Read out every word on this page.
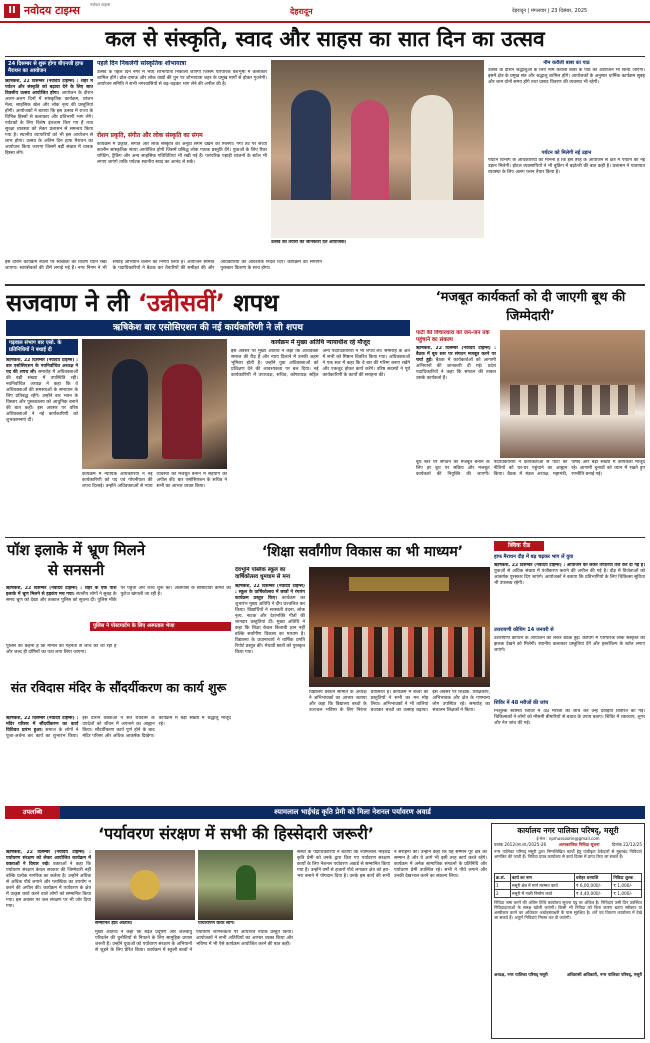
II नवोदय टाइम्स	नवोदय टाइम्स
देहरादून	देहरादून | मंगलवार | 23 दिसंबर, 2025
कल से संस्कृति, स्वाद और साहस का सात दिन का उत्सव
24 दिसम्बर से शुरू होगा बीएनजी हाफ मैराथन का आयोजन
ऋषिकेश, 22 दिसम्बर (नवोदय टाइम्स) : शहर में पर्यटन और संस्कृति को बढ़ावा देने के लिए सात दिवसीय उत्सव आयोजित होगा। आयोजन के दौरान अलग-अलग दिनों में सांस्कृतिक कार्यक्रम, व्यंजन मेला, साहसिक खेल और लोक नृत्य की प्रस्तुतियां होंगी। आयोजकों ने बताया कि इस उत्सव में राज्य के विभिन्न हिस्सों से कलाकार और प्रतिभागी भाग लेंगे। पर्यटकों के लिए विशेष इंतजाम किए गए हैं तथा सुरक्षा व्यवस्था को लेकर प्रशासन से समन्वय किया गया है। स्थानीय व्यापारियों को भी इस आयोजन से लाभ होगा। उत्सव के अंतिम दिन हाफ मैराथन का आयोजन किया जाएगा जिसमें बड़ी संख्या में धावक हिस्सा लेंगे।
पहले दिन निकलेगी सांस्कृतिक शोभायात्रा
उत्सव के पहले दिन नगर में भव्य शोभायात्रा निकाली जाएगी जिसमें पारंपरिक वेशभूषा में कलाकार शामिल होंगे। ढोल-दमाऊ और लोक वाद्यों की धुन पर शोभायात्रा शहर के प्रमुख मार्गों से होकर गुजरेगी। आयोजन समिति ने सभी नगरवासियों से बढ़-चढ़कर भाग लेने की अपील की है।
रोशन प्रकृति, संगीत और लोक संस्कृति का संगम
कार्यक्रम में प्रकृति, संगीत और लोक संस्कृति का अनूठा संगम देखने को मिलेगा। गंगा तट पर संध्या कालीन सांस्कृतिक संध्या आयोजित होगी जिसमें प्रसिद्ध लोक गायक प्रस्तुति देंगे। युवाओं के लिए रिवर राफ्टिंग, ट्रैकिंग और अन्य साहसिक गतिविधियां भी रखी गई हैं। पारंपरिक पहाड़ी व्यंजनों के स्टॉल भी लगाए जाएंगे ताकि पर्यटक स्थानीय स्वाद का आनंद ले सकें।
उत्सव की तैयारी की जानकारी देते आयोजक।
नीम करौली बाबा का पाठ
उत्सव के दौरान श्रद्धालुओं के लिए नीम करौली बाबा के पाठ का आयोजन भी किया जाएगा। इसमें क्षेत्र के प्रमुख संत और श्रद्धालु शामिल होंगे। आयोजकों के अनुसार धार्मिक कार्यक्रम सुबह और शाम दोनों समय होंगे तथा प्रसाद वितरण की व्यवस्था भी रहेगी।
पर्यटन को मिलेगी नई उड़ान
पर्यटन विभाग के अधिकारियों का मानना है कि इस तरह के आयोजन से क्षेत्र में पर्यटन को नई उड़ान मिलेगी। होटल व्यवसायियों ने भी बुकिंग में बढ़ोतरी की बात कही है। प्रशासन ने यातायात व्यवस्था के लिए अलग प्लान तैयार किया है।
इस दौरान कार्यक्रम स्थलों पर स्वच्छता का विशेष ध्यान रखा जाएगा। स्वयंसेवकों की टीमें लगाई गई हैं। नगर निगम ने भी सफाई अभियान चलाने का निर्णय लिया है। आयोजन समिति के पदाधिकारियों ने बैठक कर तैयारियों की समीक्षा की और अधिकारियों को आवश्यक निर्देश दिए। कार्यक्रम का समापन पुरस्कार वितरण के साथ होगा।
सजवाण ने ली ‘उन्नीसवीं’ शपथ
ऋषिकेश बार एसोसिएशन की नई कार्यकारिणी ने ली शपथ
गढ़वाल संभाग बार एसो. के प्रतिनिधियों ने बधाई दी
ऋषिकेश, 22 दिसम्बर (नवोदय टाइम्स) : बार एसोसिएशन के नवनिर्वाचित अध्यक्ष ने पद की शपथ ली। समारोह में अधिवक्ताओं की बड़ी संख्या में उपस्थिति रही। नवनिर्वाचित अध्यक्ष ने कहा कि वे अधिवक्ताओं की समस्याओं के समाधान के लिए प्रतिबद्ध रहेंगे। उन्होंने बार भवन के विस्तार और पुस्तकालय को आधुनिक बनाने की बात कही। इस अवसर पर वरिष्ठ अधिवक्ताओं ने नई कार्यकारिणी को शुभकामनाएं दीं।
कार्यक्रम में न्यायिक अधिकारियों ने नई कार्यकारिणी को पद एवं गोपनीयता की शपथ दिलाई। उन्होंने अधिवक्ताओं से न्याय व्यवस्था को मजबूत बनाने में सहयोग की अपील की। बार एसोसिएशन के सचिव ने सभी का आभार व्यक्त किया।
कार्यक्रम में मुख्य अतिथि न्यायाधीश रहे मौजूद
इस अवसर पर मुख्य अतिथि ने कहा कि अधिवक्ता समाज की रीढ़ हैं और न्याय दिलाने में उनकी अहम भूमिका होती है। उन्होंने युवा अधिवक्ताओं को प्रशिक्षण देने की आवश्यकता पर बल दिया। नई कार्यकारिणी में उपाध्यक्ष, सचिव, कोषाध्यक्ष सहित अन्य पदाधिकारियों ने भी शपथ ली। समारोह के अंत में सभी को मिष्ठान वितरित किया गया। अधिवक्ताओं ने एक स्वर में कहा कि वे बार की गरिमा बनाए रखेंगे और एकजुट होकर कार्य करेंगे। वरिष्ठ सदस्यों ने पूर्व कार्यकारिणी के कार्यों की सराहना की।
‘मजबूत कार्यकर्ता को दी जाएगी बूथ की जिम्मेदारी’
पार्टी की विचारधारा को जन-जन तक पहुंचाने का संकल्प
ऋषिकेश, 22 दिसम्बर (नवोदय टाइम्स) : बैठक में बूथ स्तर पर संगठन मजबूत करने पर चर्चा हुई। बैठक में कार्यकर्ताओं को आगामी अभियानों की जानकारी दी गई। प्रदेश पदाधिकारियों ने कहा कि संगठन की ताकत उसके कार्यकर्ता हैं।
बूथ स्तर पर संगठन को मजबूत बनाने के लिए हर बूथ पर सक्रिय और मजबूत कार्यकर्ता की नियुक्ति की जाएगी। पदाधिकारियों ने कार्यकर्ताओं से पार्टी की नीतियों को घर-घर पहुंचाने का आह्वान किया। बैठक में मंडल अध्यक्ष, महामंत्री, पार्षद और बड़ी संख्या में कार्यकर्ता मौजूद रहे। आगामी चुनावों को ध्यान में रखते हुए रणनीति बनाई गई।
पॉश इलाके में भ्रूण मिलने से सनसनी
ऋषिकेश, 22 दिसम्बर (नवोदय टाइम्स) : शहर के एक पॉश इलाके में भ्रूण मिलने से हड़कंप मच गया। स्थानीय लोगों ने सुबह के समय भ्रूण को देखा और तत्काल पुलिस को सूचना दी। पुलिस मौके पर पहुंची और जांच शुरू की। आसपास के सीसीटीवी कैमरों की फुटेज खंगाली जा रही है।
पुलिस ने पोस्टमार्टम के लिए अस्पताल भेजा
पुलिस का कहना है कि मामले की गहनता से जांच की जा रही है और जल्द ही दोषियों का पता लगा लिया जाएगा।
संत रविदास मंदिर के सौंदर्यीकरण का कार्य शुरू
ऋषिकेश, 22 दिसम्बर (नवोदय टाइम्स) : मंदिर परिसर में सौंदर्यीकरण का कार्य विधिवत प्रारंभ हुआ। समाज के लोगों ने पूजा-अर्चना कर कार्य का शुभारंभ किया। इस दौरान वक्ताओं ने संत रविदास के उपदेशों को जीवन में अपनाने का आह्वान किया। सौंदर्यीकरण कार्य पूर्ण होने के बाद मंदिर परिसर और अधिक आकर्षक दिखेगा। कार्यक्रम में बड़ी संख्या में श्रद्धालु मौजूद रहे।
‘शिक्षा सर्वांगीण विकास का भी माध्यम’
देवभूमि पब्लिक स्कूल का वार्षिकोत्सव धूमधाम से मना
ऋषिकेश, 22 दिसम्बर (नवोदय टाइम्स) : स्कूल के वार्षिकोत्सव में छात्रों ने रंगारंग कार्यक्रम प्रस्तुत किए। कार्यक्रम का शुभारंभ मुख्य अतिथि ने दीप प्रज्वलित कर किया। विद्यार्थियों ने सरस्वती वंदना, लोक नृत्य, नाटक और देशभक्ति गीतों की शानदार प्रस्तुतियां दीं। मुख्य अतिथि ने कहा कि शिक्षा केवल किताबी ज्ञान नहीं बल्कि सर्वांगीण विकास का माध्यम है। विद्यालय के प्रधानाचार्य ने वार्षिक प्रगति रिपोर्ट प्रस्तुत की। मेधावी छात्रों को पुरस्कृत किया गया।
विद्यालय प्रबंधन समिति के अध्यक्ष ने अभिभावकों का आभार जताया और कहा कि विद्यालय बच्चों के उज्ज्वल भविष्य के लिए निरंतर प्रयासरत है। कार्यक्रम में बच्चों की प्रस्तुतियों ने सभी का मन मोह लिया। अभिभावकों ने भी तालियां बजाकर बच्चों का उत्साह बढ़ाया। इस अवसर पर शिक्षक, शिक्षिकाएं, अभिभावक और क्षेत्र के गणमान्य लोग उपस्थित रहे। समारोह का संचालन शिक्षकों ने किया।
क्विक रीड
हाफ मैराथन दौड़ में बढ़ चढ़कर भाग लें युवा
ऋषिकेश, 22 दिसम्बर (नवोदय टाइम्स) : आयोजन को लेकर तैयारियां तेज कर दी गई हैं। युवाओं से अधिक संख्या में पंजीकरण कराने की अपील की गई है। दौड़ में विजेताओं को आकर्षक पुरस्कार दिए जाएंगे। आयोजकों ने बताया कि प्रतिभागियों के लिए चिकित्सा सुविधा भी उपलब्ध रहेगी।
उत्तरायणी कौथिग 14 जनवरी से
उत्तरायणी कौथिग के आयोजन को लेकर बैठक हुई। कौथिग में पारंपरिक लोक संस्कृति की झलक देखने को मिलेगी। स्थानीय कलाकार प्रस्तुतियां देंगे और हस्तशिल्प के स्टॉल लगाए जाएंगे।
शिविर में 48 मरीजों की जांच
निःशुल्क स्वास्थ्य शिविर में 48 मरीजों की जांच कर उन्हें दवाइयां वितरित की गईं। चिकित्सकों ने लोगों को मौसमी बीमारियों से बचाव के उपाय बताए। शिविर में रक्तचाप, शुगर और नेत्र जांच की गई।
उपलब्धि	श्यामलाल भाईचंद्र कृति प्रेमी को मिला नेशनल पर्यावरण अवार्ड
‘पर्यावरण संरक्षण में सभी की हिस्सेदारी जरूरी’
ऋषिकेश, 22 दिसम्बर (नवोदय टाइम्स) : पर्यावरण संरक्षण को लेकर आयोजित कार्यक्रम में वक्ताओं ने विचार रखे। वक्ताओं ने कहा कि पर्यावरण संरक्षण केवल सरकार की जिम्मेदारी नहीं बल्कि प्रत्येक नागरिक का कर्तव्य है। उन्होंने अधिक से अधिक पौधे लगाने और प्लास्टिक का उपयोग न करने की अपील की। कार्यक्रम में पर्यावरण के क्षेत्र में उत्कृष्ट कार्य करने वाले लोगों को सम्मानित किया गया। इस अवसर पर जल संरक्षण पर भी जोर दिया गया।
सम्मानित होते अतिथि।	पौधारोपण करते लोग।
मुख्य अतिथि ने कहा कि बढ़ते प्रदूषण और जलवायु परिवर्तन की चुनौतियों से निपटने के लिए सामूहिक प्रयास जरूरी हैं। उन्होंने युवाओं को पर्यावरण संरक्षण के अभियानों से जुड़ने के लिए प्रेरित किया। कार्यक्रम में स्कूली बच्चों ने पर्यावरण जागरूकता पर आधारित नाटक प्रस्तुत किया। आयोजकों ने सभी अतिथियों का आभार व्यक्त किया और भविष्य में भी ऐसे कार्यक्रम आयोजित करने की बात कही।
संस्था के पदाधिकारियों ने बताया कि श्यामलाल भाईचंद्र कृति प्रेमी को उनके द्वारा किए गए पर्यावरण संरक्षण कार्यों के लिए नेशनल पर्यावरण अवार्ड से सम्मानित किया गया है। उन्होंने वर्षों से हजारों पौधे लगाकर क्षेत्र को हरा-भरा बनाने में योगदान दिया है। उनके इस कार्य की सभी ने सराहना की। उन्होंने कहा कि यह सम्मान पूरे क्षेत्र का सम्मान है और वे आगे भी इसी तरह कार्य करते रहेंगे। कार्यक्रम में अनेक सामाजिक संगठनों के प्रतिनिधि और पर्यावरण प्रेमी उपस्थित रहे। सभी ने पौधे लगाने और उनकी देखभाल करने का संकल्प लिया।
कार्यालय नगर पालिका परिषद्, मसूरी
ई-मेल : npmussoorie@gmail.com
पत्रांक 2012/आ.शा./2025-26	अल्पकालिक निविदा सूचना	दिनांक 22/12/25
नगर पालिका परिषद् मसूरी द्वारा निम्नलिखित कार्यों हेतु पंजीकृत ठेकेदारों से मुहरबंद निविदाएं आमंत्रित की जाती हैं। निविदा प्रपत्र कार्यालय से कार्य दिवस में प्राप्त किए जा सकते हैं।
क्र.सं.	कार्य का नाम	धरोहर धनराशि	निविदा शुल्क
1	मसूरी क्षेत्र में मार्ग मरम्मत कार्य	₹ 6,00,000/-	₹ 1,000/-
2	मसूरी में नाली निर्माण कार्य	₹ 4,40,000/-	₹ 1,000/-
निविदा जमा करने की अंतिम तिथि कार्यालय सूचना पट्ट पर अंकित है। निविदाएं उसी दिन उपस्थित निविदादाताओं के समक्ष खोली जाएंगी। किसी भी निविदा को बिना कारण बताए स्वीकार या अस्वीकार करने का अधिकार अधोहस्ताक्षरी के पास सुरक्षित है। शर्तें एवं विवरण कार्यालय में देखे जा सकते हैं। अपूर्ण निविदाएं निरस्त कर दी जाएंगी।
अध्यक्ष, नगर पालिका परिषद् मसूरी	अधिशासी अधिकारी, नगर पालिका परिषद्, मसूरी
